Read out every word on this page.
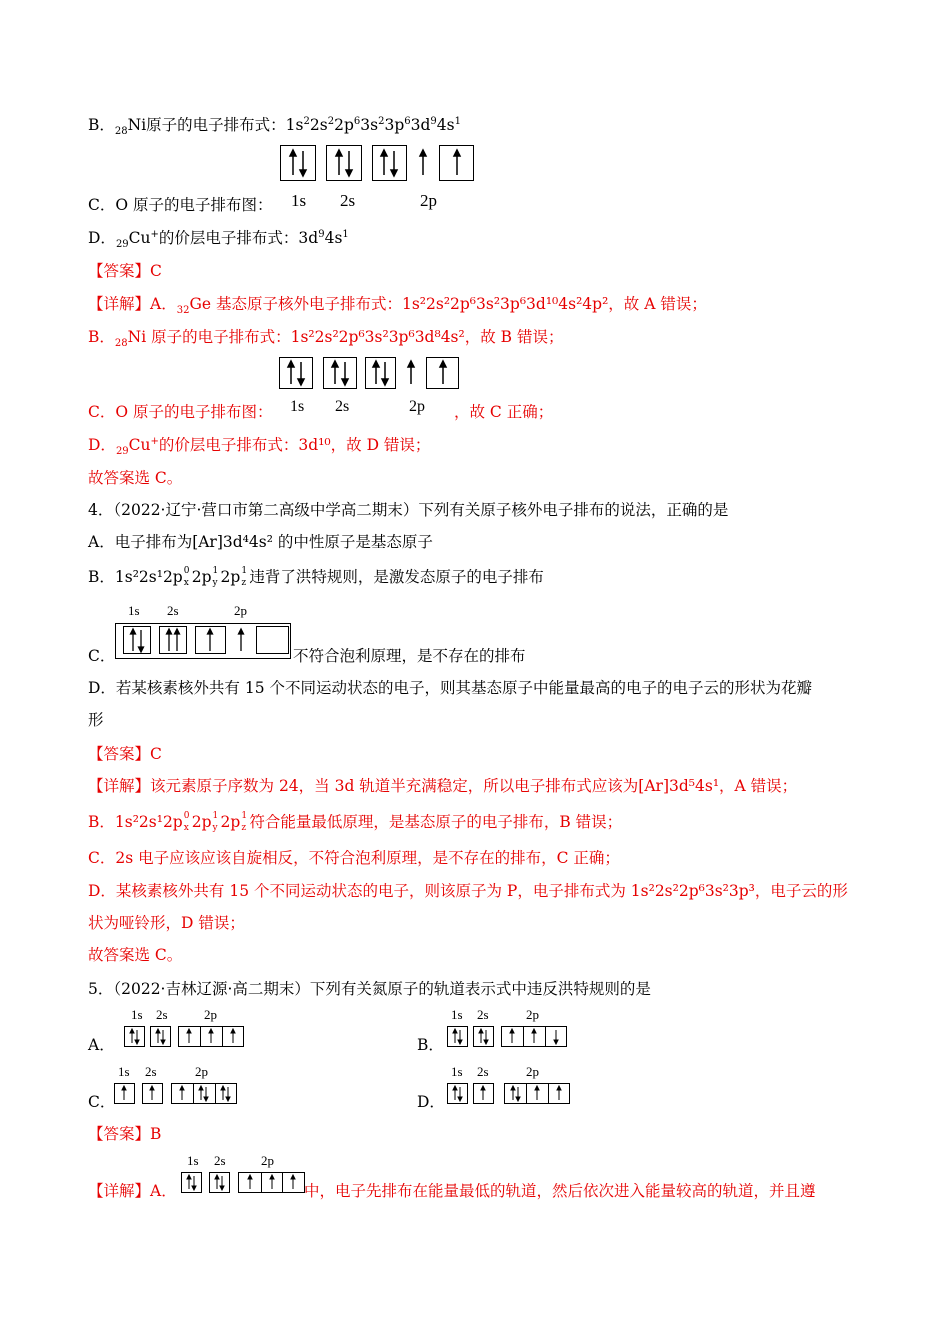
B．$_{28}$Ni原子的电子排布式：$1s^22s^22p^63s^23p^63d^94s^1$
C．O 原子的电子排布图： 1s 2s	2p
D．$_{29}$Cu+的价层电子排布式：$3d^94s^1$
【答案】C
【详解】A．$_{32}$Ge 基态原子核外电子排布式：1s²2s²2p⁶3s²3p⁶3d¹⁰4s²4p²，故 A 错误；
B．$_{28}$Ni 原子的电子排布式：1s²2s²2p⁶3s²3p⁶3d⁸4s²，故 B 错误；
C．O 原子的电子排布图： 1s 2s	2p ，故 C 正确；
D．$_{29}$Cu+的价层电子排布式：3d¹⁰，故 D 错误；
故答案选 C。
4．（2022·辽宁·营口市第二高级中学高二期末）下列有关原子核外电子排布的说法，正确的是
A．电子排布为[Ar]3d⁴4s² 的中性原子是基态原子
B．1s²2s¹2p 0
x 2p 1
y 2p 1
z 违背了洪特规则，是激发态原子的电子排布
1s 2s	2p
C．	不符合泡利原理，是不存在的排布
D．若某核素核外共有 15 个不同运动状态的电子，则其基态原子中能量最高的电子的电子云的形状为花瓣
形
【答案】C
【详解】该元素原子序数为 24，当 3d 轨道半充满稳定，所以电子排布式应该为[Ar]3d⁵4s¹，A 错误；
B．1s²2s¹2p 0
x 2p 1
y 2p 1
z 符合能量最低原理，是基态原子的电子排布，B 错误；
C．2s 电子应该应该自旋相反，不符合泡利原理，是不存在的排布，C 正确；
D．某核素核外共有 15 个不同运动状态的电子，则该原子为 P，电子排布式为 1s²2s²2p⁶3s²3p³，电子云的形
状为哑铃形，D 错误；
故答案选 C。
5．（2022·吉林辽源·高二期末）下列有关氮原子的轨道表示式中违反洪特规则的是
A．
1s 2s	2p
B．
1s 2s	2p
C．
1s 2s	2p
D．
1s 2s	2p
【答案】B
【详解】A．
1s 2s	2p
中，电子先排布在能量最低的轨道，然后依次进入能量较高的轨道，并且遵
